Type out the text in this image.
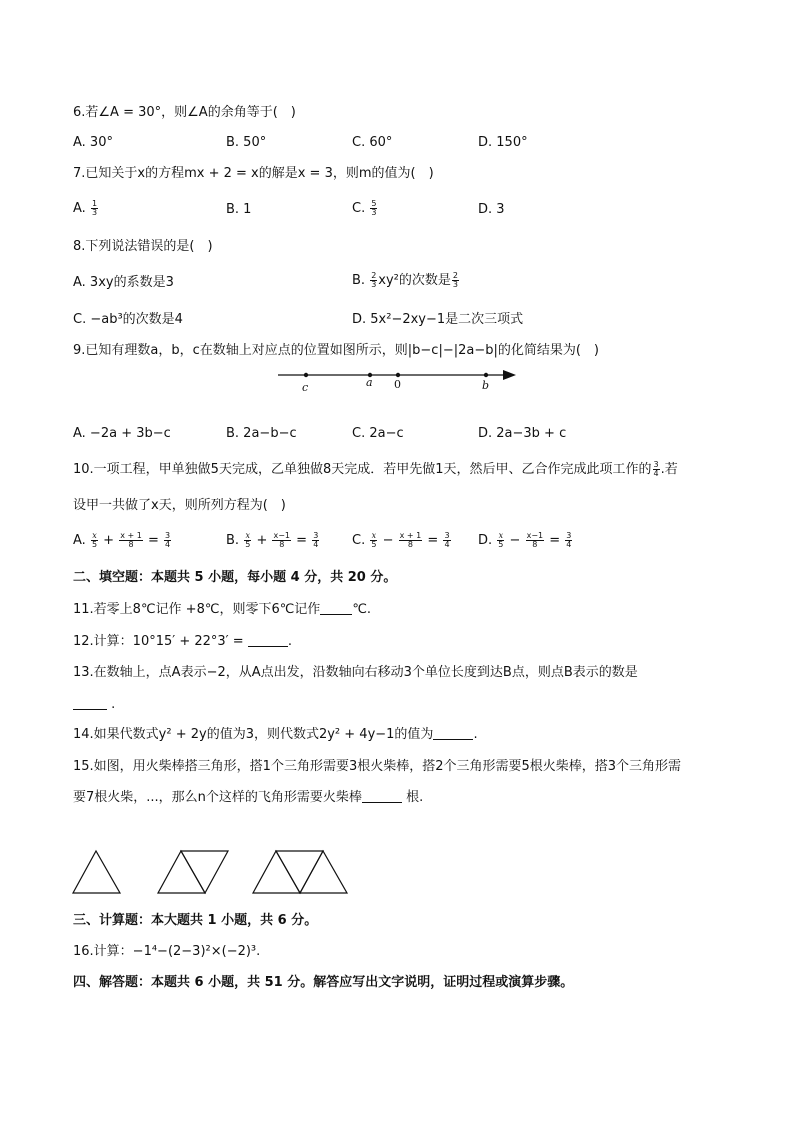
6.若∠A = 30°，则∠A的余角等于(　)
A. 30°	B. 50°	C. 60°	D. 150°
7.已知关于x的方程mx + 2 = x的解是x = 3，则m的值为(　)
A. $\frac{1}{3}$	B. 1	C. $\frac{5}{3}$	D. 3
8.下列说法错误的是(　)
A. 3xy的系数是3	B. $\frac{2}{3} xy^2$的次数是 $\frac{2}{3}$
C. −ab³的次数是4	D. 5x²−2xy−1是二次三项式
9.已知有理数a，b，c在数轴上对应点的位置如图所示，则|b−c|−|2a−b|的化简结果为(　)
c	a 0	b
A. −2a + 3b−c	B. 2a−b−c	C. 2a−c	D. 2a−3b + c
10.一项工程，甲单独做5天完成，乙单独做8天完成．若甲先做1天，然后甲、乙合作完成此项工作的 $\frac{3}{4}$ .若
设甲一共做了x天，则所列方程为(　)
A. $\frac{x}{5} + \frac{x + 1}{8} = \frac{3}{4}$	B. $\frac{x}{5} + \frac{x-1}{8} = \frac{3}{4}$	C. $\frac{x}{5} - \frac{x + 1}{8} = \frac{3}{4} D$. $\frac{x}{5} - \frac{x-1}{8} = \frac{3}{4}$
二、填空题：本题共 5 小题，每小题 4 分，共 20 分。
11.若零上8℃记作 +8℃，则零下6℃记作 ℃.
12.计算：10°15′ + 22°3′ =	.
13.在数轴上，点A表示−2，从A点出发，沿数轴向右移动3个单位长度到达B点，则点B表示的数是
.
14.如果代数式y² + 2y的值为3，则代数式2y² + 4y−1的值为	.
15.如图，用火柴棒搭三角形，搭1个三角形需要3根火柴棒，搭2个三角形需要5根火柴棒，搭3个三角形需
要7根火柴，...，那么n个这样的飞角形需要火柴棒	根.
三、计算题：本大题共 1 小题，共 6 分。
16.计算：−1⁴−(2−3)²×(−2)³.
四、解答题：本题共 6 小题，共 51 分。解答应写出文字说明，证明过程或演算步骤。
